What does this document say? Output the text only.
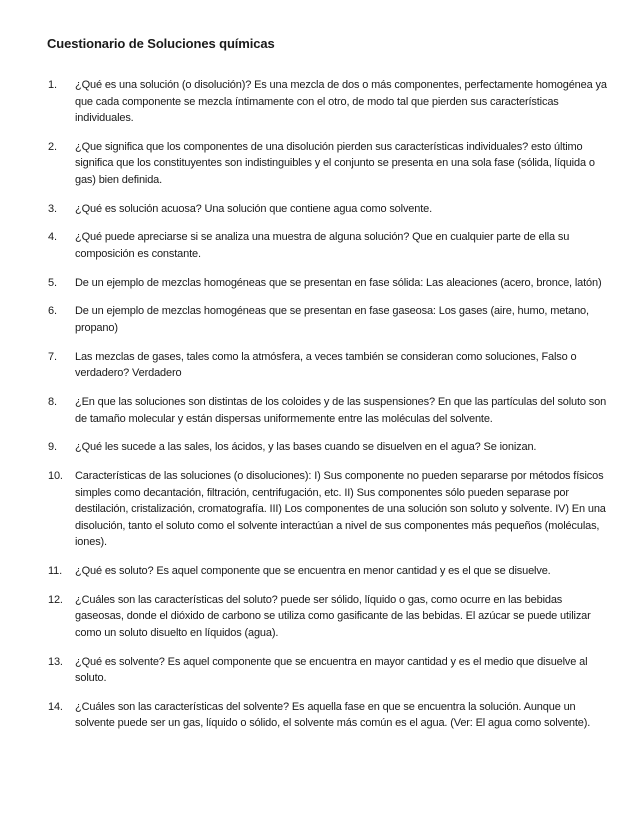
Cuestionario de Soluciones químicas
1.	¿Qué es una solución (o disolución)? Es una mezcla de dos o más componentes, perfectamente homogénea ya que cada componente se mezcla íntimamente con el otro, de modo tal que pierden sus características individuales.
2.	¿Que significa que los componentes de una disolución pierden sus características individuales? esto último significa que los constituyentes son indistinguibles y el conjunto se presenta en una sola fase (sólida, líquida o gas) bien definida.
3.	¿Qué es solución acuosa? Una solución que contiene agua como solvente.
4.	¿Qué puede apreciarse si se analiza una muestra de alguna solución? Que en cualquier parte de ella su composición es constante.
5.	De un ejemplo de mezclas homogéneas que se presentan en fase sólida: Las aleaciones (acero, bronce, latón)
6.	De un ejemplo de mezclas homogéneas que se presentan en fase gaseosa: Los gases (aire, humo, metano, propano)
7.	Las mezclas de gases, tales como la atmósfera, a veces también se consideran como soluciones, Falso o verdadero? Verdadero
8.	¿En que las soluciones son distintas de los coloides y de las suspensiones? En que las partículas del soluto son de tamaño molecular y están dispersas uniformemente entre las moléculas del solvente.
9.	¿Qué les sucede a las sales, los ácidos, y las bases cuando se disuelven en el agua? Se ionizan.
10.	Características de las soluciones (o disoluciones): I) Sus componente no pueden separarse por métodos físicos simples como decantación, filtración, centrifugación, etc. II) Sus componentes sólo pueden separase por destilación, cristalización, cromatografía. III) Los componentes de una solución son soluto y solvente. IV) En una disolución, tanto el soluto como el solvente interactúan a nivel de sus componentes más pequeños (moléculas, iones).
11.	¿Qué es soluto? Es aquel componente que se encuentra en menor cantidad y es el que se disuelve.
12.	¿Cuáles son las características del soluto? puede ser sólido, líquido o gas, como ocurre en las bebidas gaseosas, donde el dióxido de carbono se utiliza como gasificante de las bebidas. El azúcar se puede utilizar como un soluto disuelto en líquidos (agua).
13.	¿Qué es solvente? Es aquel componente que se encuentra en mayor cantidad y es el medio que disuelve al soluto.
14.	¿Cuáles son las características del solvente? Es aquella fase en que se encuentra la solución. Aunque un solvente puede ser un gas, líquido o sólido, el solvente más común es el agua. (Ver: El agua como solvente).
